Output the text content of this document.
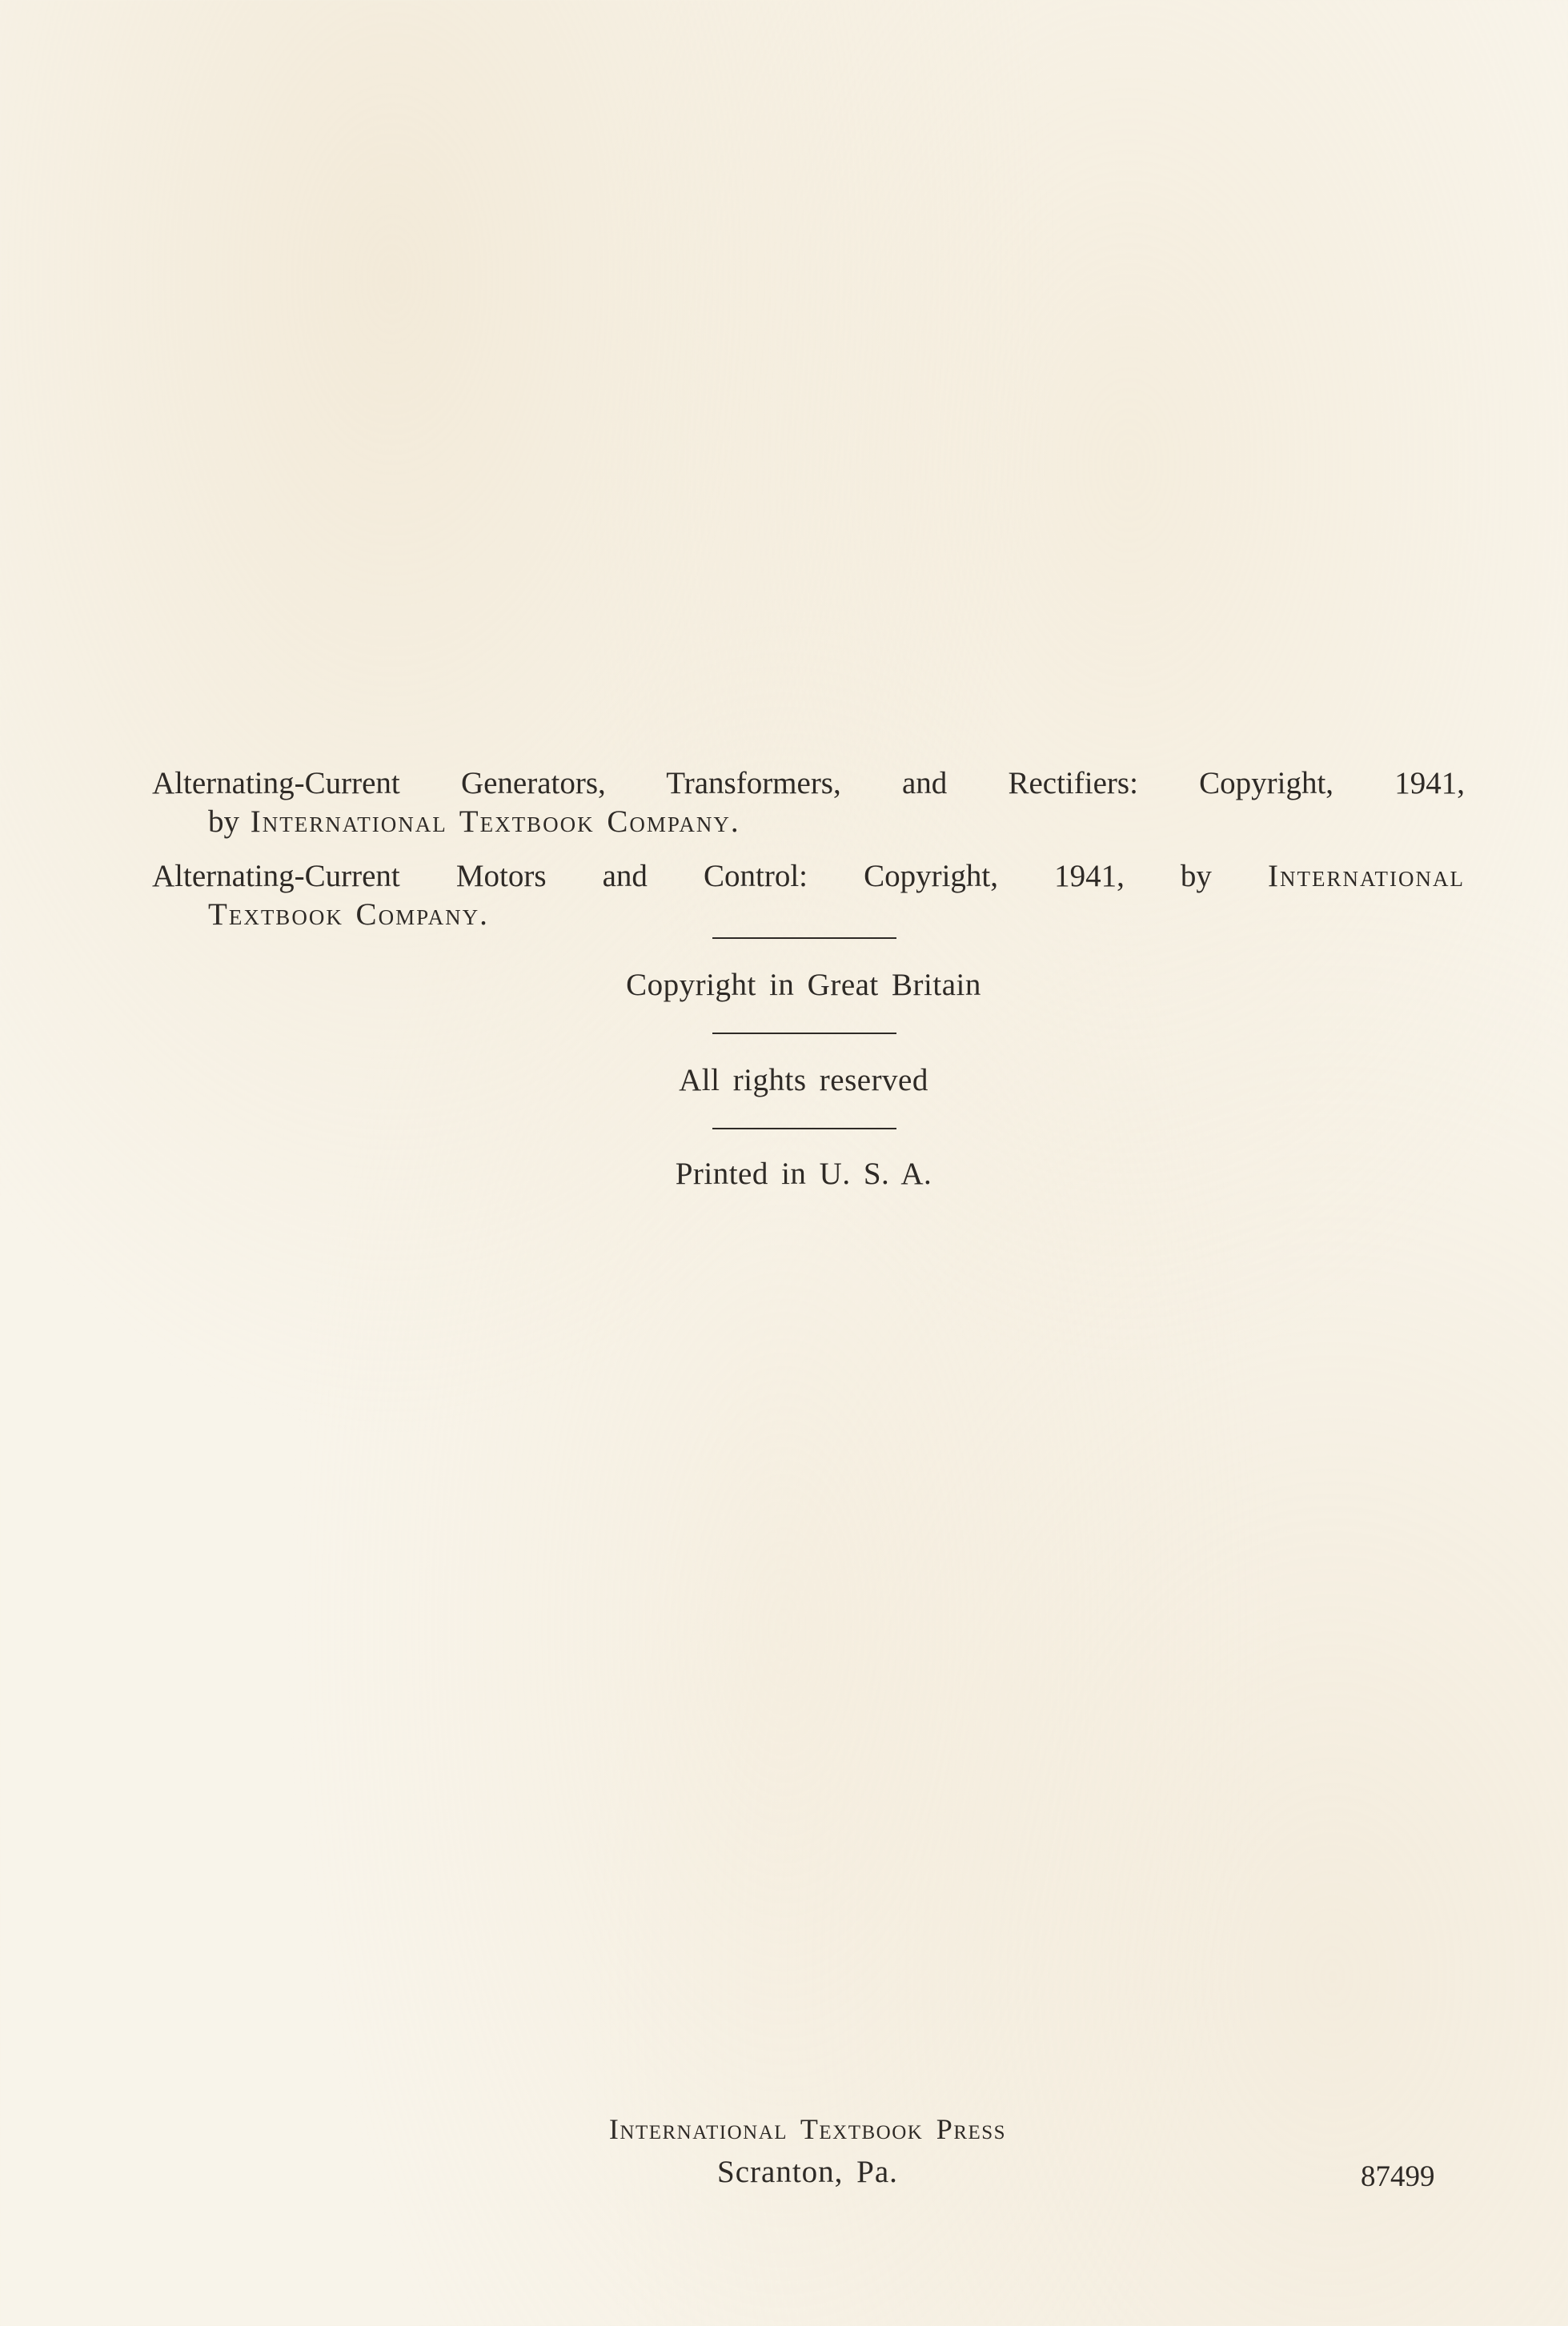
Alternating-Current Generators, Transformers, and Rectifiers: Copyright, 1941,

by International Textbook Company.

Alternating-Current Motors and Control: Copyright, 1941, by International

Textbook Company.

Copyright in Great Britain
All rights reserved
Printed in U. S. A.
International Textbook Press
Scranton, Pa.	87499
